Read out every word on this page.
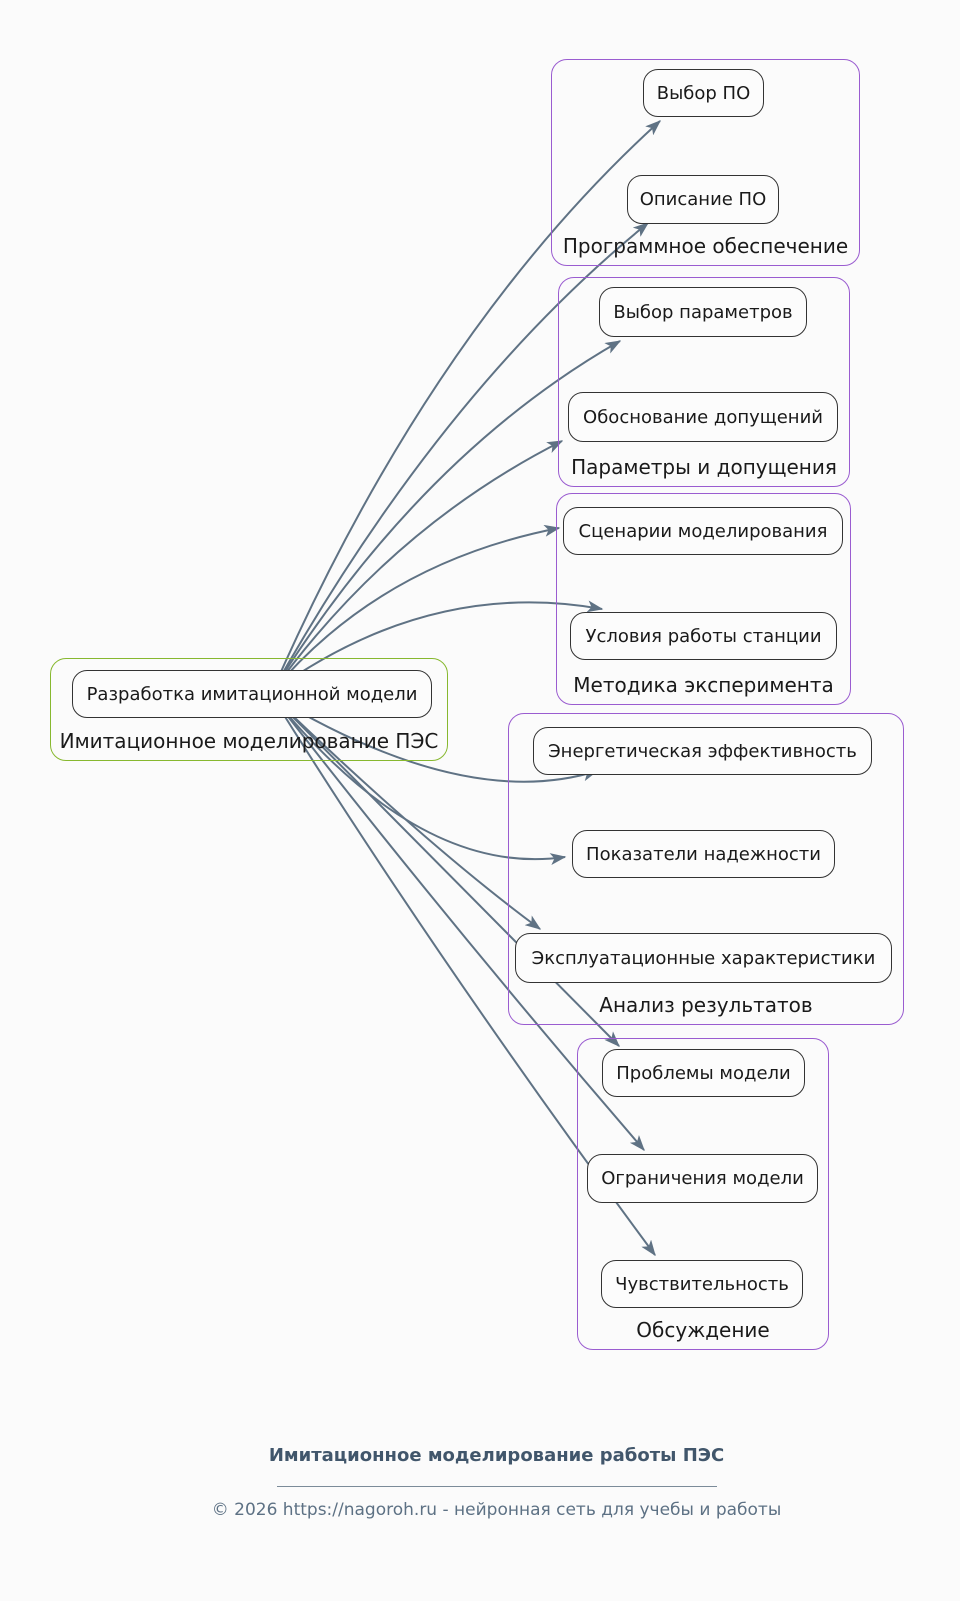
Имитационное моделирование ПЭС
Разработка имитационной модели
Программное обеспечение
Выбор ПО
Описание ПО
Параметры и допущения
Выбор параметров
Обоснование допущений
Методика эксперимента
Сценарии моделирования
Условия работы станции
Анализ результатов
Энергетическая эффективность
Показатели надежности
Эксплуатационные характеристики
Обсуждение
Проблемы модели
Ограничения модели
Чувствительность
Имитационное моделирование работы ПЭС
© 2026 https://nagoroh.ru - нейронная сеть для учебы и работы
